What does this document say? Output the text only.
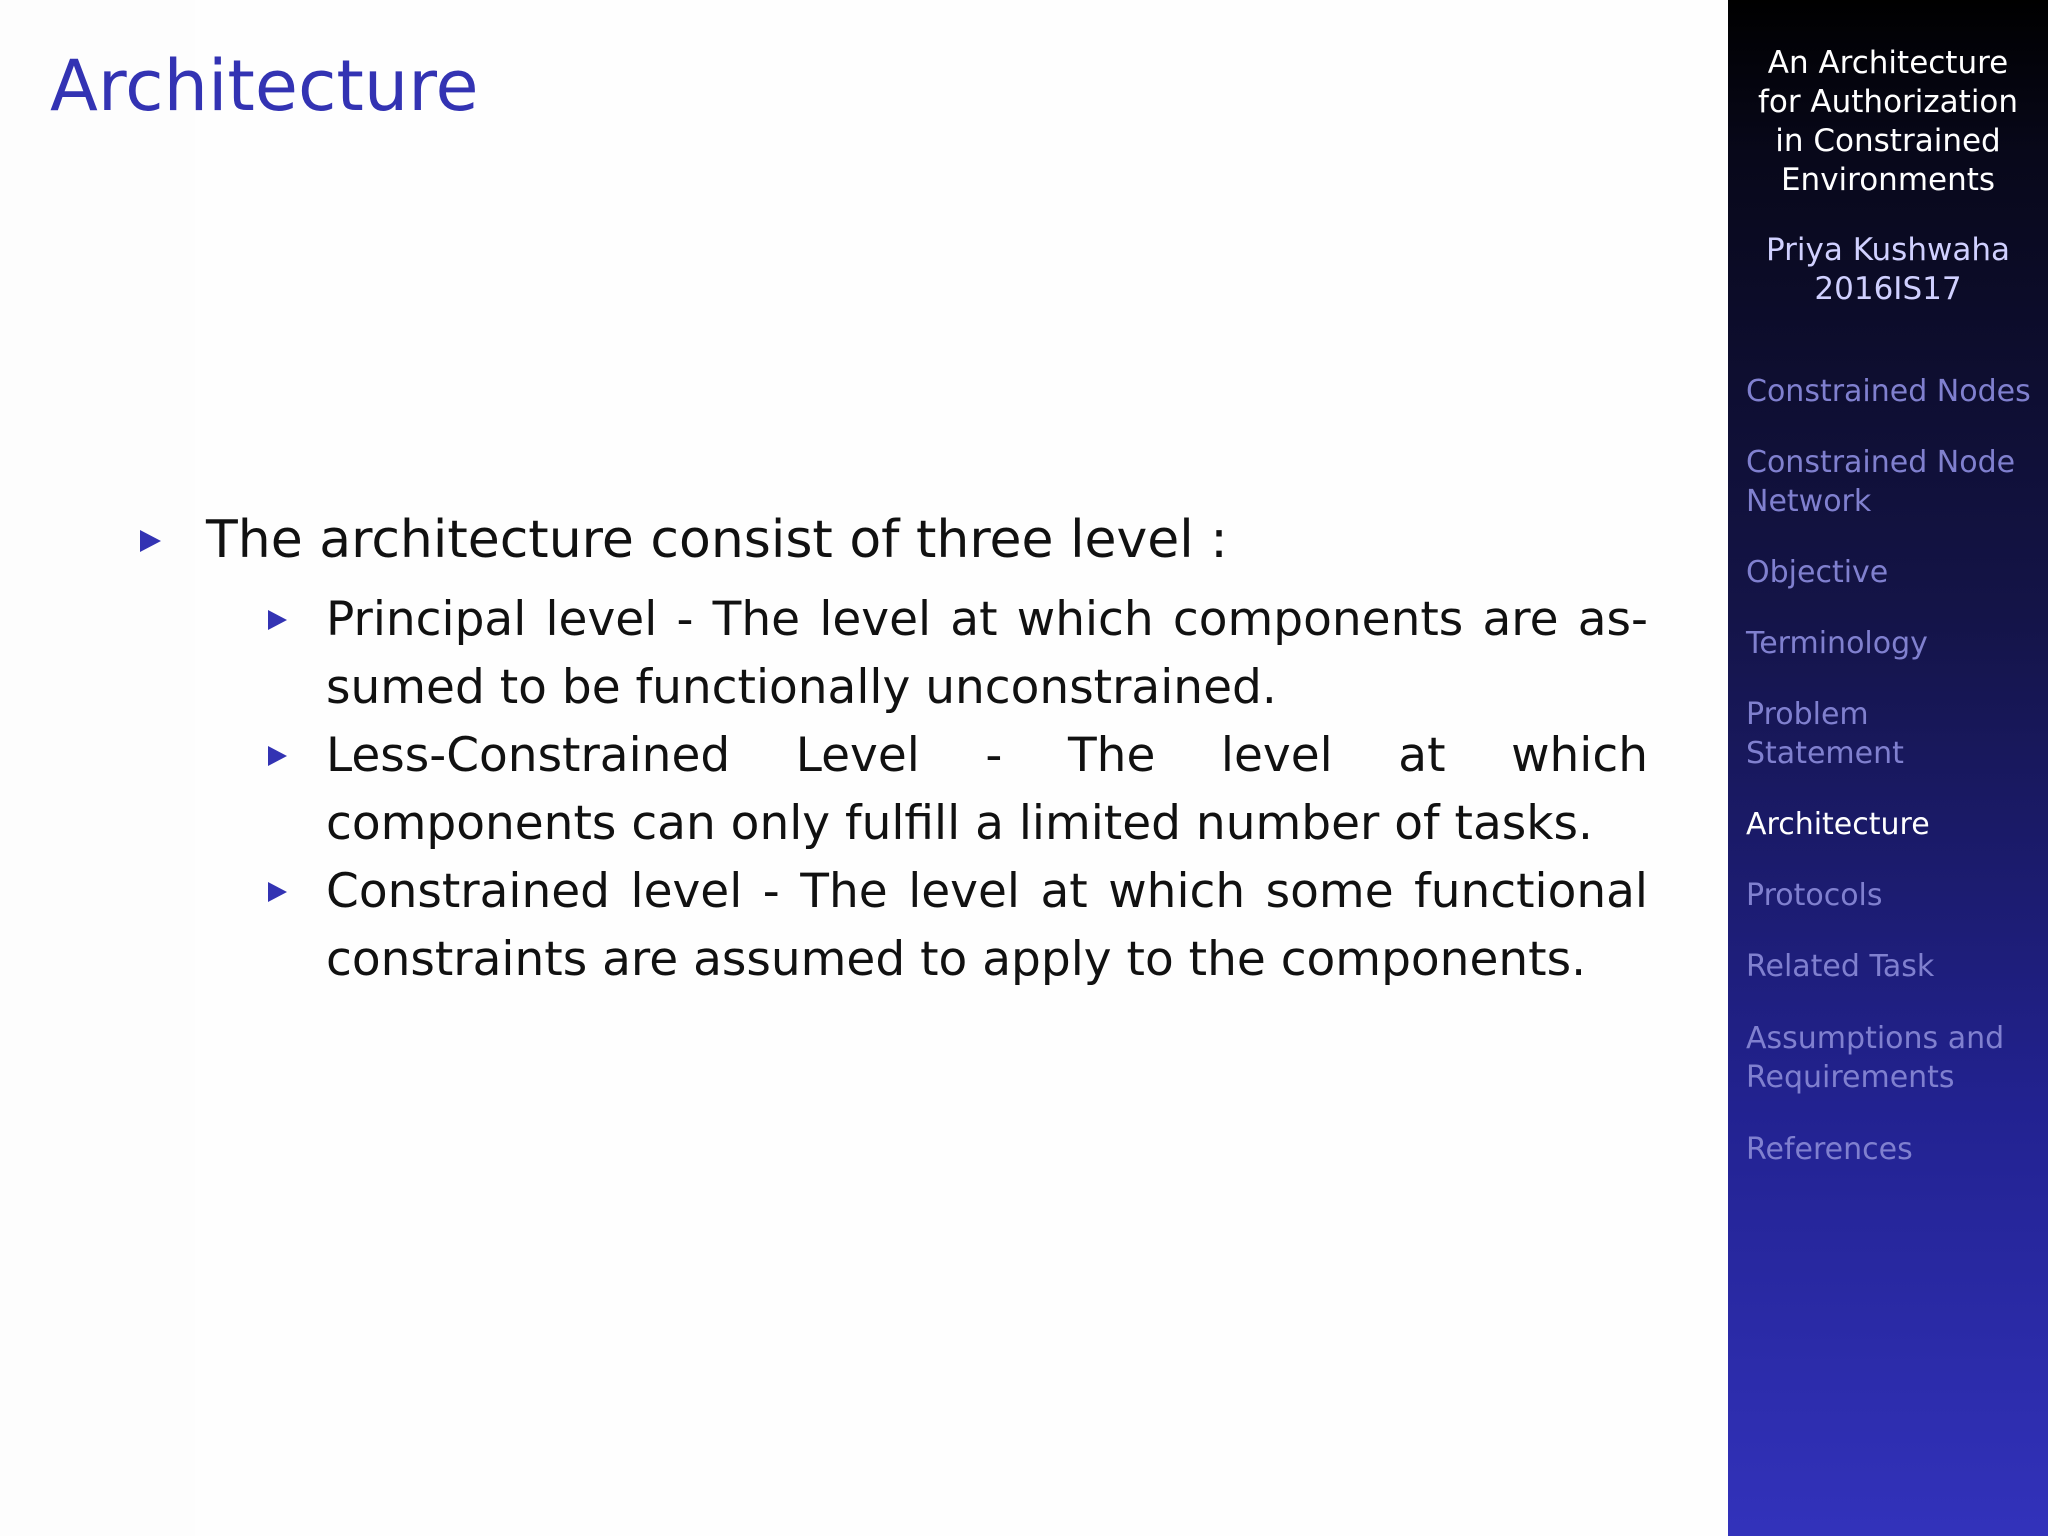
Architecture
The architecture consist of three level :
Principal level - The level at which components are assumed to be functionally unconstrained.
Less-Constrained Level - The level at which components can only fulfill a limited number of tasks.
Constrained level - The level at which some functional constraints are assumed to apply to the components.
An Architecture
for Authorization
in Constrained
Environments
Priya Kushwaha
2016IS17
Constrained Nodes
Constrained Node
Network
Objective
Terminology
Problem
Statement
Architecture
Protocols
Related Task
Assumptions and
Requirements
References
